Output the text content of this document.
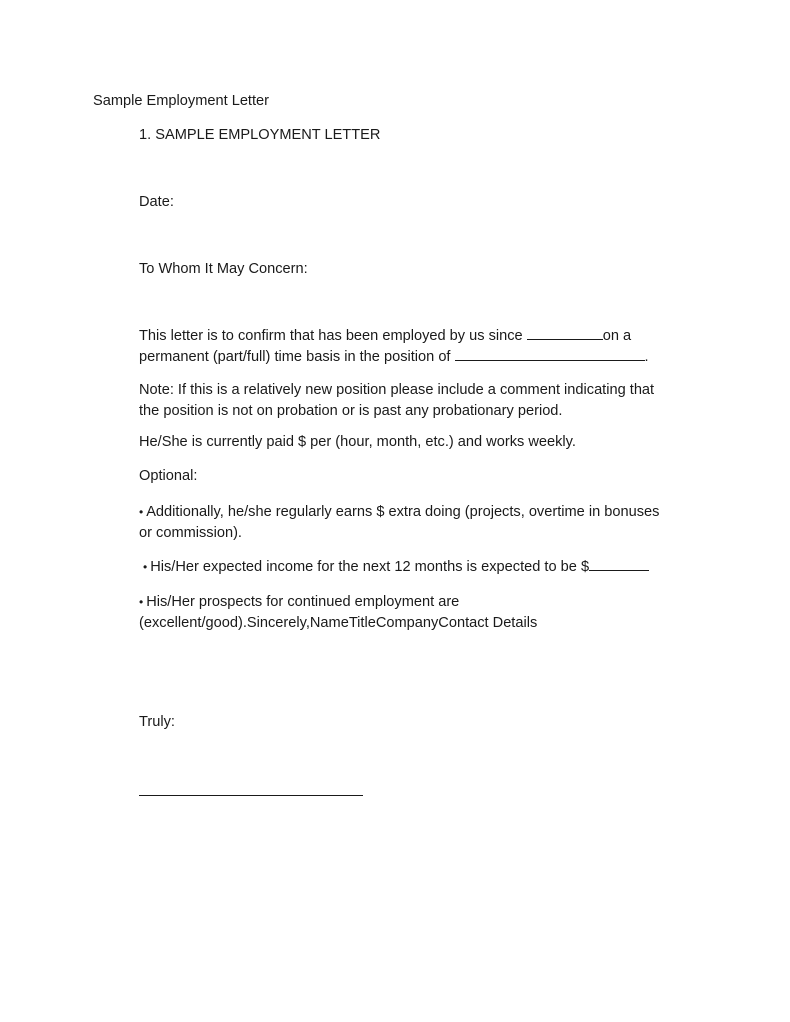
Sample Employment Letter
1. SAMPLE EMPLOYMENT LETTER
Date:
To Whom It May Concern:
This letter is to confirm that has been employed by us since	on a
permanent (part/full) time basis in the position of	.
Note: If this is a relatively new position please include a comment indicating that
the position is not on probation or is past any probationary period.
He/She is currently paid $ per (hour, month, etc.) and works weekly.
Optional:
• Additionally, he/she regularly earns $ extra doing (projects, overtime in bonuses
or commission).
• His/Her expected income for the next 12 months is expected to be $
• His/Her prospects for continued employment are
(excellent/good).Sincerely,NameTitleCompanyContact Details
Truly:
